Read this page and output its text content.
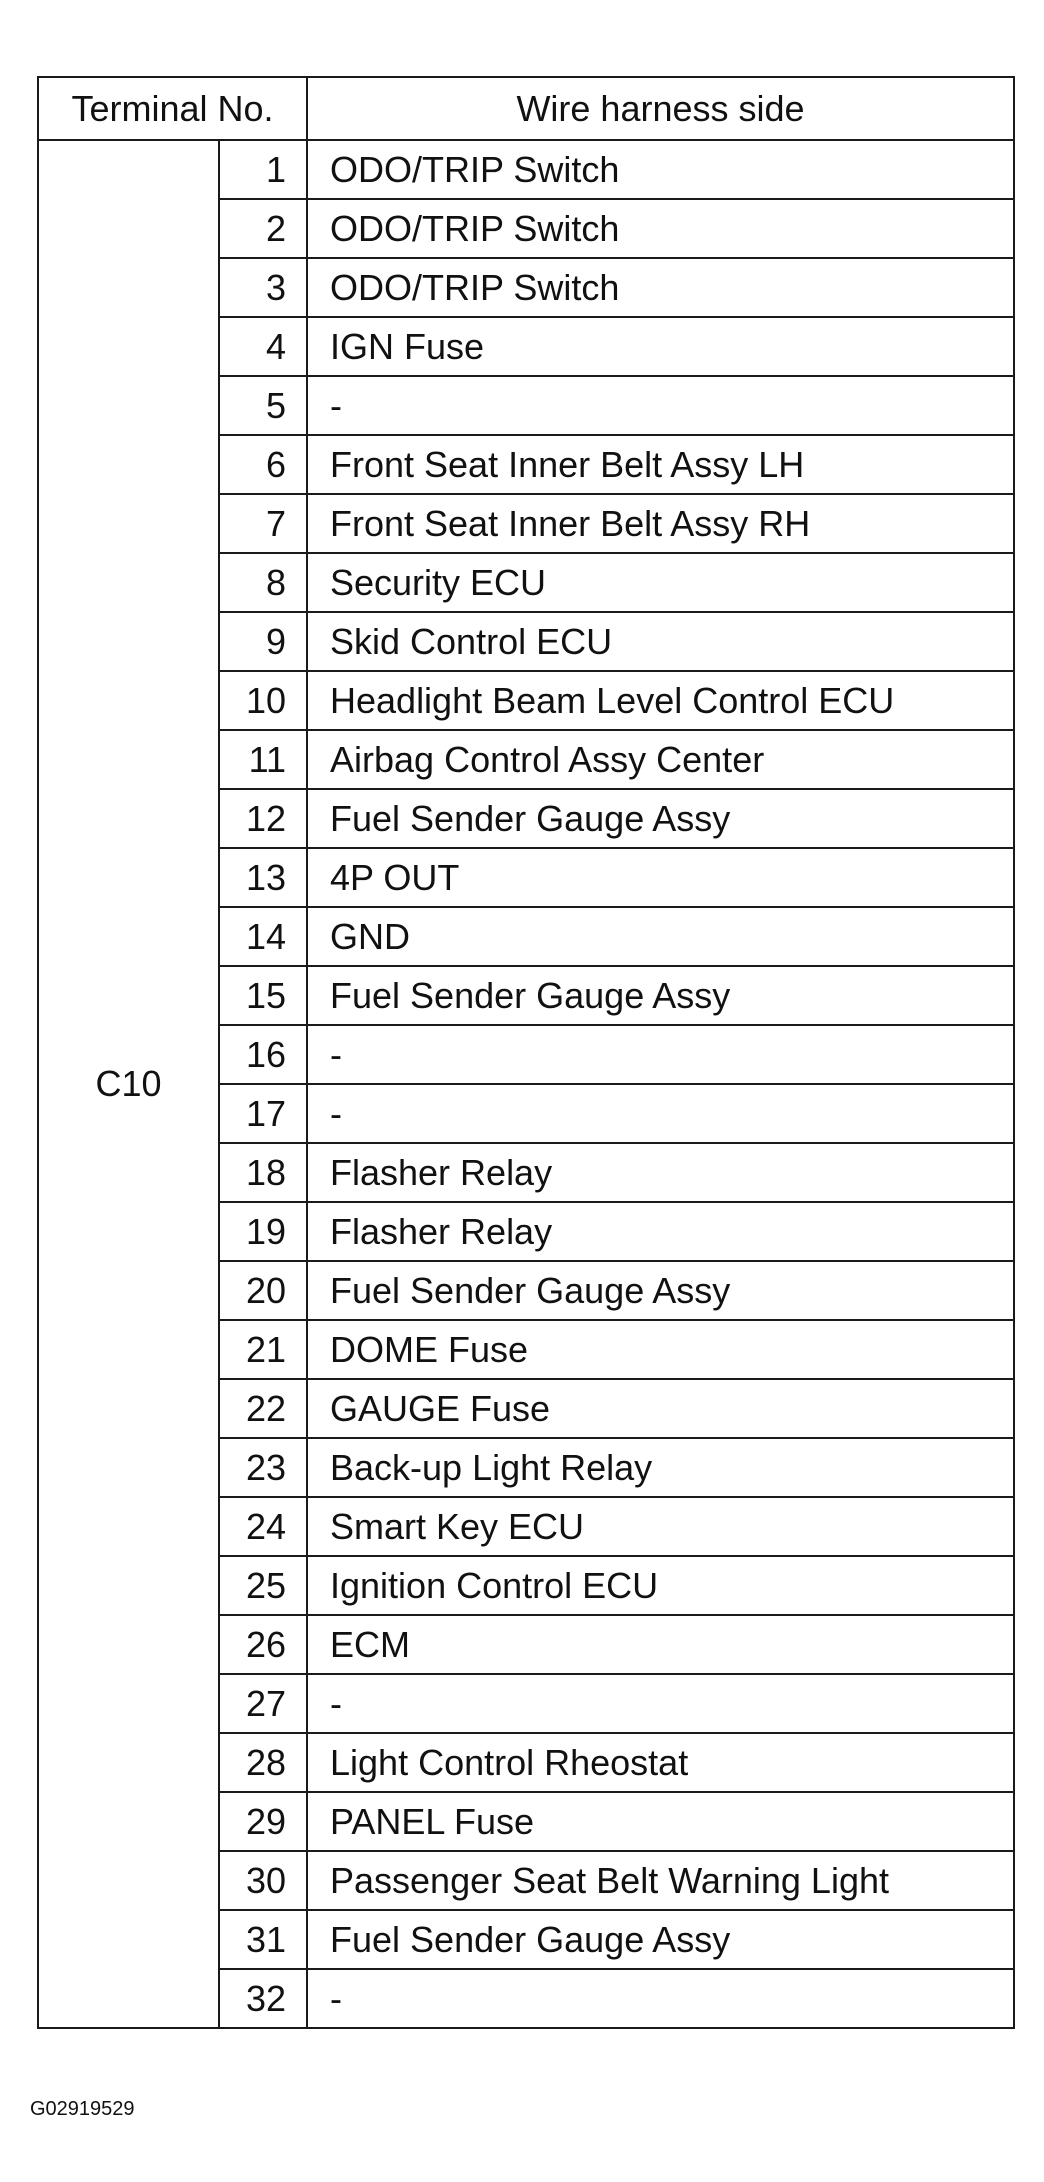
Terminal No.		Wire harness side
C10	1	ODO/TRIP Switch
	2	ODO/TRIP Switch
	3	ODO/TRIP Switch
	4	IGN Fuse
	5	-
	6	Front Seat Inner Belt Assy LH
	7	Front Seat Inner Belt Assy RH
	8	Security ECU
	9	Skid Control ECU
	10	Headlight Beam Level Control ECU
	11	Airbag Control Assy Center
	12	Fuel Sender Gauge Assy
	13	4P OUT
	14	GND
	15	Fuel Sender Gauge Assy
	16	-
	17	-
	18	Flasher Relay
	19	Flasher Relay
	20	Fuel Sender Gauge Assy
	21	DOME Fuse
	22	GAUGE Fuse
	23	Back-up Light Relay
	24	Smart Key ECU
	25	Ignition Control ECU
	26	ECM
	27	-
	28	Light Control Rheostat
	29	PANEL Fuse
	30	Passenger Seat Belt Warning Light
	31	Fuel Sender Gauge Assy
	32	-
G02919529
